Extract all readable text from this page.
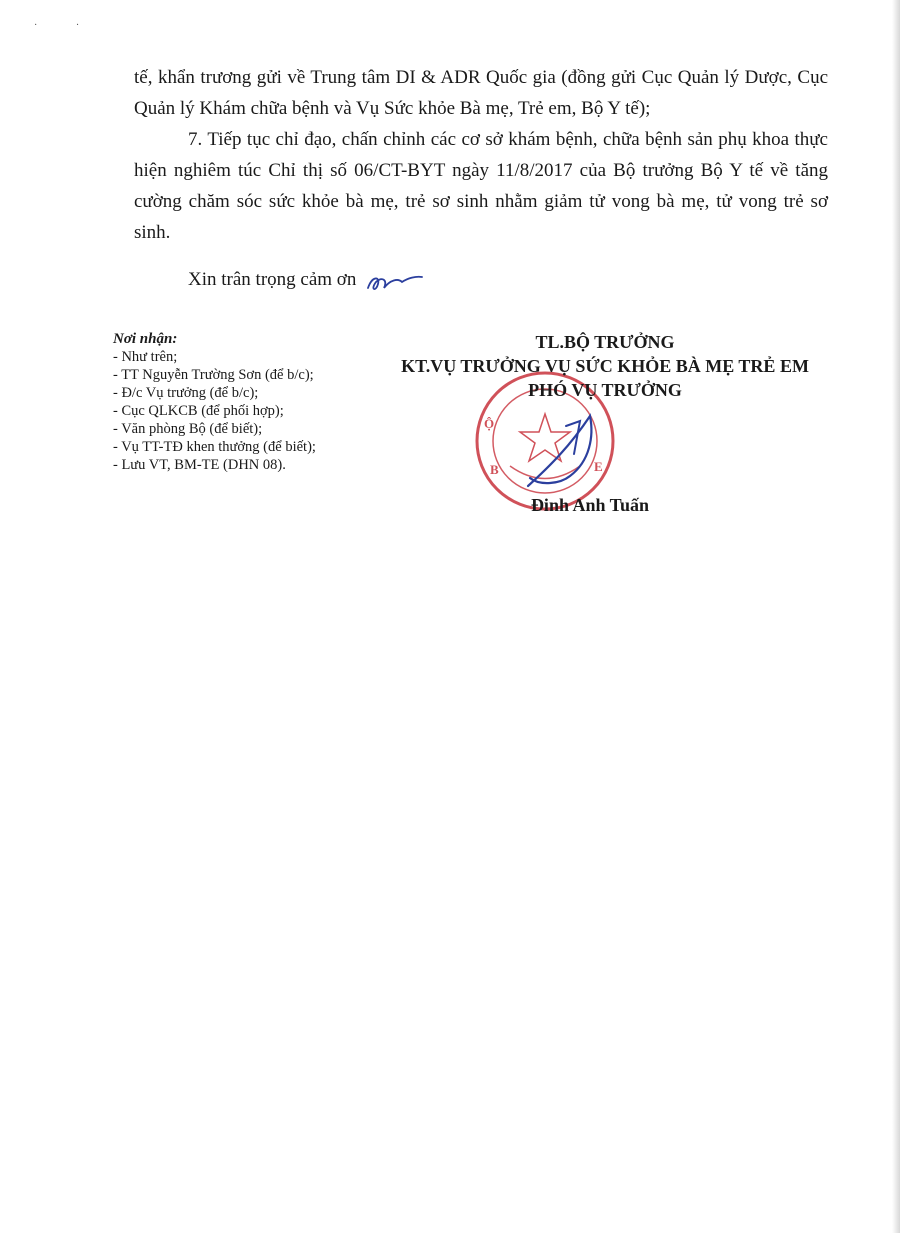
· ·

tế, khẩn trương gửi về Trung tâm DI & ADR Quốc gia (đồng gửi Cục Quản lý Dược, Cục Quản lý Khám chữa bệnh và Vụ Sức khỏe Bà mẹ, Trẻ em, Bộ Y tế);

7. Tiếp tục chỉ đạo, chấn chỉnh các cơ sở khám bệnh, chữa bệnh sản phụ khoa thực hiện nghiêm túc Chỉ thị số 06/CT-BYT ngày 11/8/2017 của Bộ trưởng Bộ Y tế về tăng cường chăm sóc sức khỏe bà mẹ, trẻ sơ sinh nhằm giảm tử vong bà mẹ, tử vong trẻ sơ sinh.

Xin trân trọng cảm ơn
Nơi nhận:
- Như trên;
- TT Nguyễn Trường Sơn (để b/c);
- Đ/c Vụ trưởng (để b/c);
- Cục QLKCB (để phối hợp);
- Văn phòng Bộ (để biết);
- Vụ TT-TĐ khen thưởng (để biết);
- Lưu VT, BM-TE (DHN 08).
Ộ
B	E
TL.BỘ TRƯỞNG
KT.VỤ TRƯỞNG VỤ SỨC KHỎE BÀ MẸ TRẺ EM
PHÓ VỤ TRƯỞNG
Đinh Anh Tuấn
